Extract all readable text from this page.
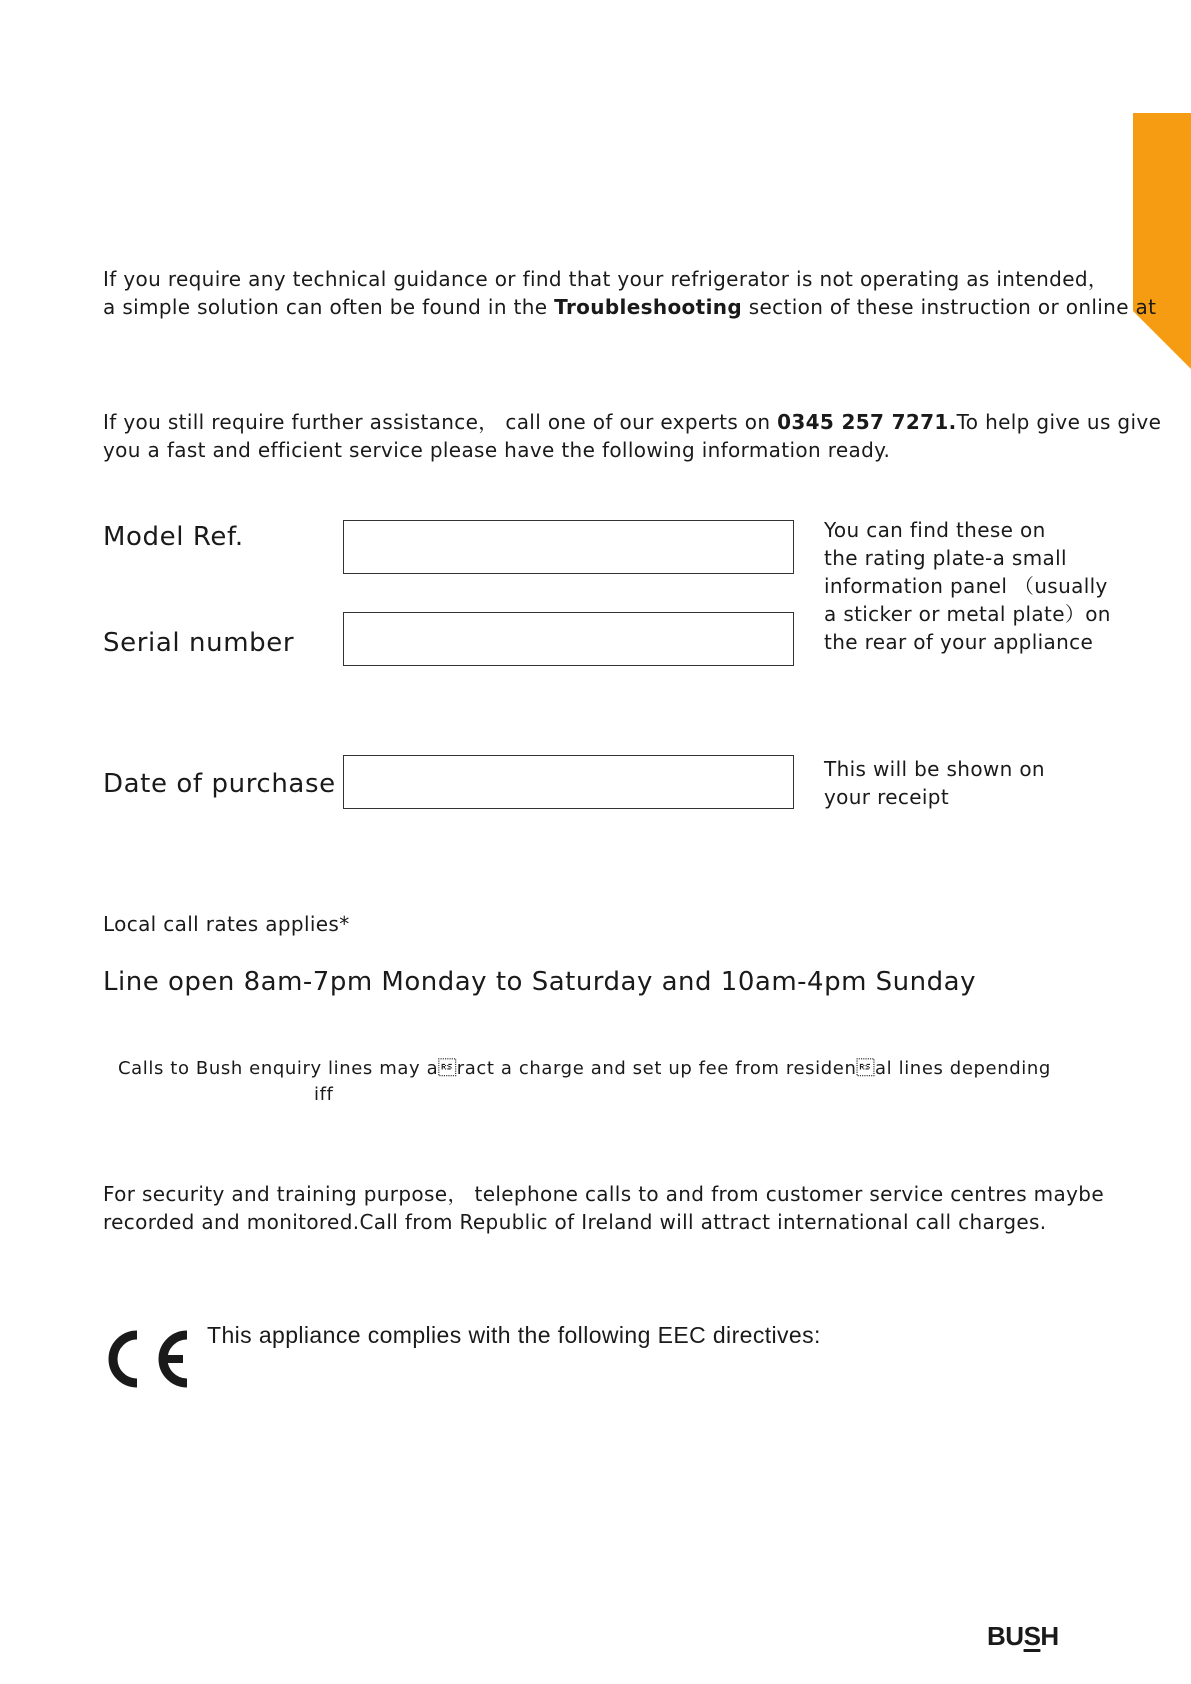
If you require any technical guidance or find that your refrigerator is not operating as intended，
a simple solution can often be found in the Troubleshooting section of these instruction or online at
If you still require further assistance， call one of our experts on 0345 257 7271.To help give us give
you a fast and efficient service please have the following information ready.
Model Ref.
Serial number
You can find these on
the rating plate-a small
information panel （usually
a sticker or metal plate）on
the rear of your appliance
Date of purchase	This will be shown on
your receipt
Local call rates applies*
Line open 8am-7pm Monday to Saturday and 10am-4pm Sunday
Calls to Bush enquiry lines may aract a charge and set up fee from residenal lines depending
iff
For security and training purpose， telephone calls to and from customer service centres maybe
recorded and monitored.Call from Republic of Ireland will attract international call charges.
This appliance complies with the following EEC directives:
BUSH
